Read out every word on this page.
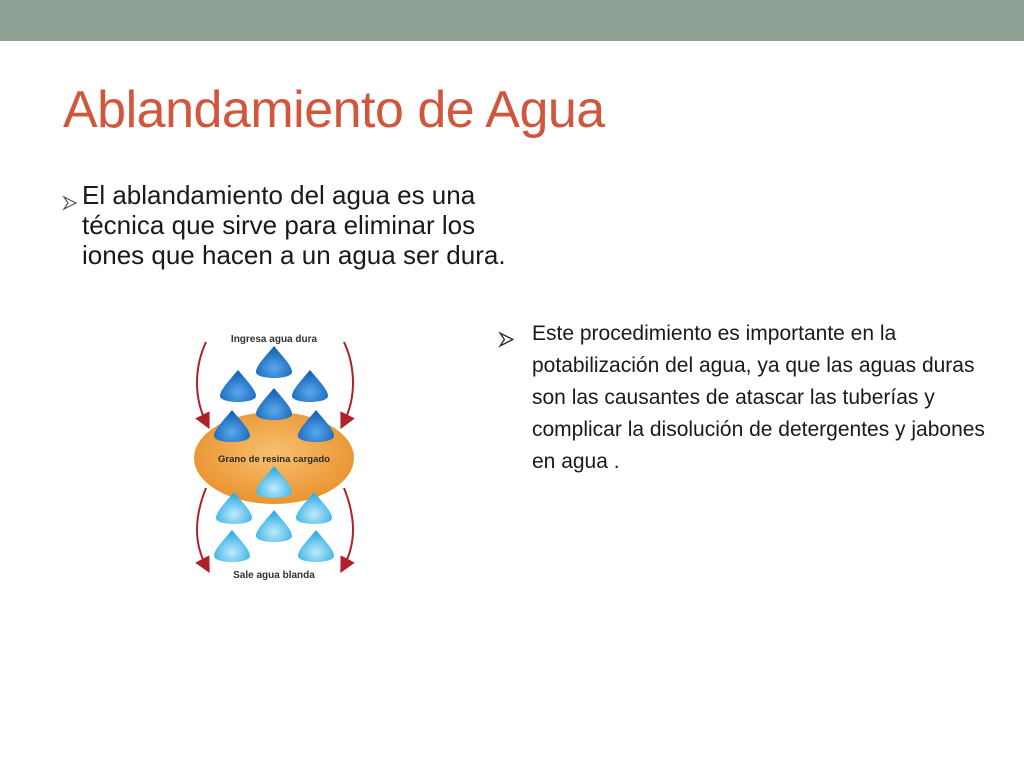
Ablandamiento de Agua
El ablandamiento del agua es una técnica que sirve para eliminar los iones que hacen a un agua ser dura.
Este procedimiento es importante en la potabilización del agua, ya que las aguas duras son las causantes de atascar las tuberías y complicar la disolución de detergentes y jabones en agua .
Ingresa agua dura
Grano de resina cargado
Sale agua blanda
